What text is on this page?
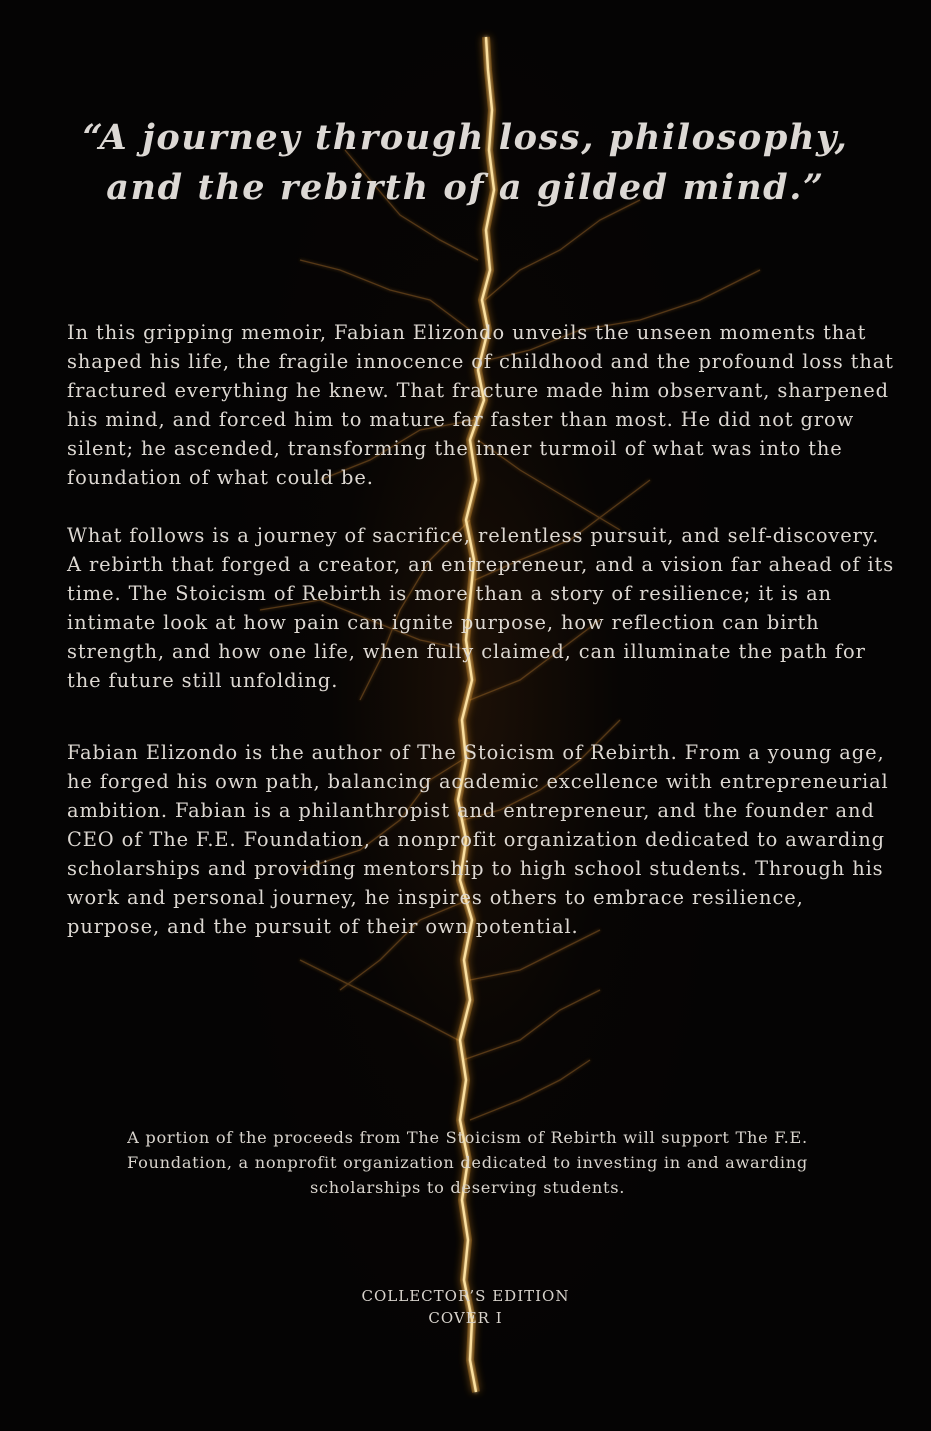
“A journey through loss, philosophy, and the rebirth of a gilded mind.”

In this gripping memoir, Fabian Elizondo unveils the unseen moments that shaped his life, the fragile innocence of childhood and the profound loss that fractured everything he knew. That fracture made him observant, sharpened his mind, and forced him to mature far faster than most. He did not grow silent; he ascended, transforming the inner turmoil of what was into the foundation of what could be.

What follows is a journey of sacrifice, relentless pursuit, and self-discovery. A rebirth that forged a creator, an entrepreneur, and a vision far ahead of its time. The Stoicism of Rebirth is more than a story of resilience; it is an intimate look at how pain can ignite purpose, how reflection can birth strength, and how one life, when fully claimed, can illuminate the path for the future still unfolding.

Fabian Elizondo is the author of The Stoicism of Rebirth. From a young age, he forged his own path, balancing academic excellence with entrepreneurial ambition. Fabian is a philanthropist and entrepreneur, and the founder and CEO of The F.E. Foundation, a nonprofit organization dedicated to awarding scholarships and providing mentorship to high school students. Through his work and personal journey, he inspires others to embrace resilience, purpose, and the pursuit of their own potential.

A portion of the proceeds from The Stoicism of Rebirth will support The F.E. Foundation, a nonprofit organization dedicated to investing in and awarding scholarships to deserving students.

COLLECTOR’S EDITION
COVER I
